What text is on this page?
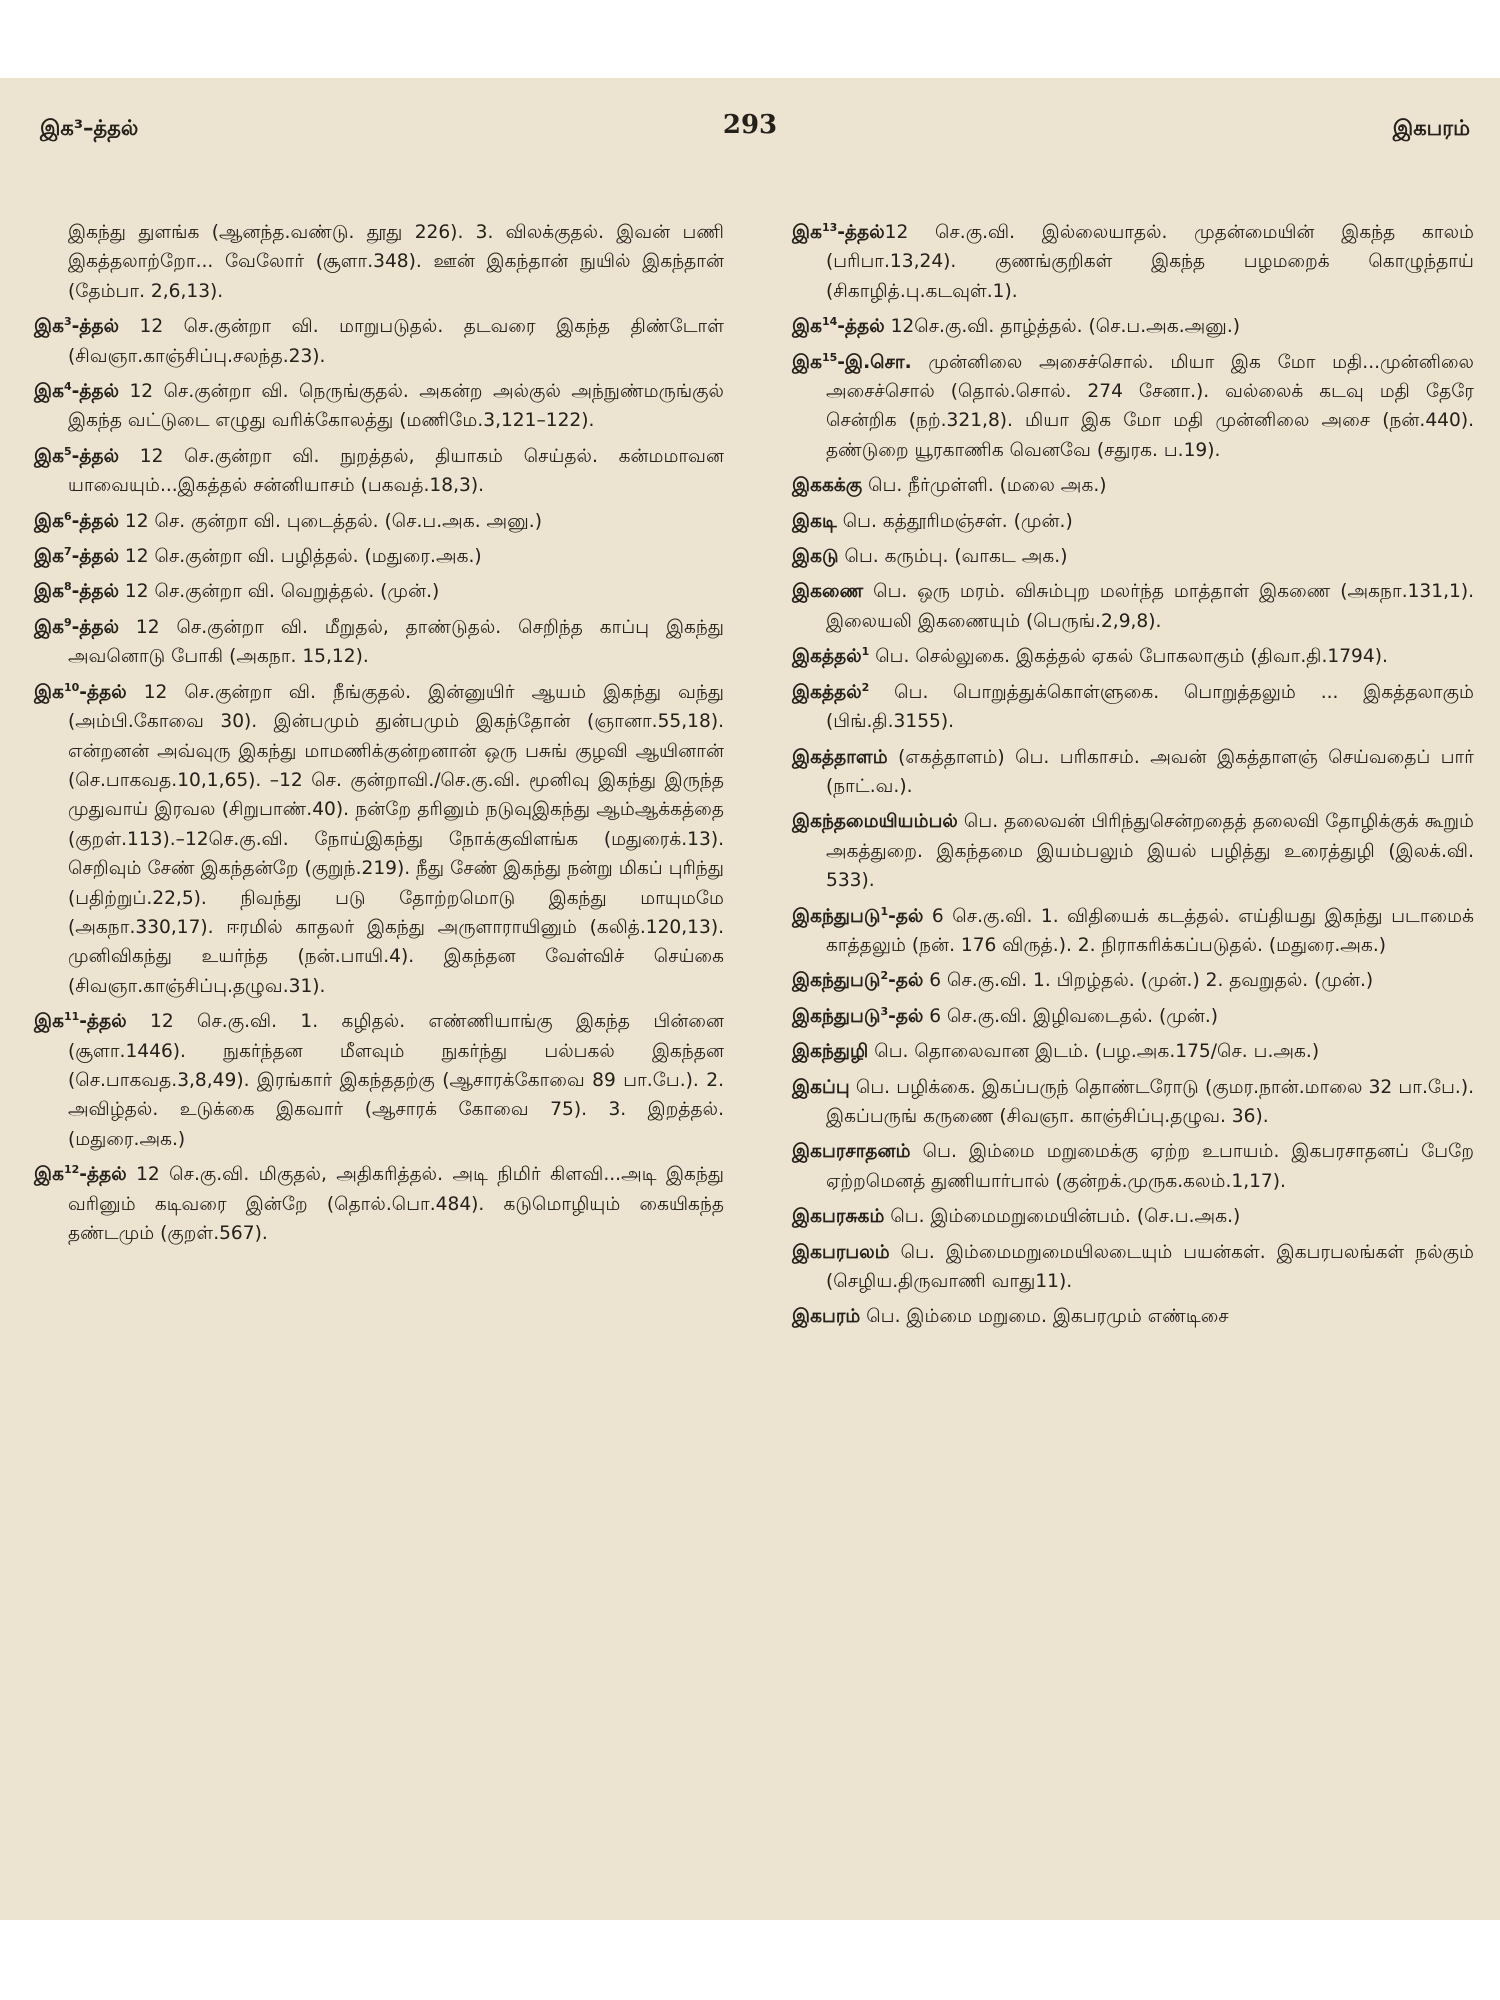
இக³–த்தல்	293	இகபரம்

இகந்து துளங்க (ஆனந்த.வண்டு. தூது 226). 3. விலக்குதல். இவன் பணி இகத்தலாற்றோ... வேலோர் (சூளா.348). ஊன் இகந்தான் நுயில் இகந்தான் (தேம்பா. 2,6,13).

இக$^3$-த்தல் 12 செ.குன்றா வி. மாறுபடுதல். தடவரை இகந்த திண்டோள் (சிவஞா.காஞ்சிப்பு.சலந்த.23).

இக$^4$-த்தல் 12 செ.குன்றா வி. நெருங்குதல். அகன்ற அல்குல் அந்நுண்மருங்குல் இகந்த வட்டுடை எழுது வரிக்கோலத்து (மணிமே.3,121–122).

இக$^5$-த்தல் 12 செ.குன்றா வி. நுறத்தல், தியாகம் செய்தல். கன்மமாவன யாவையும்...இகத்தல் சன்னியாசம் (பகவத்.18,3).

இக$^6$-த்தல் 12 செ. குன்றா வி. புடைத்தல். (செ.ப.அக. அனு.)

இக$^7$-த்தல் 12 செ.குன்றா வி. பழித்தல். (மதுரை.அக.)

இக$^8$-த்தல் 12 செ.குன்றா வி. வெறுத்தல். (முன்.)

இக$^9$-த்தல் 12 செ.குன்றா வி. மீறுதல், தாண்டுதல். செறிந்த காப்பு இகந்து அவனொடு போகி (அகநா. 15,12).

இக$^{10}$-த்தல் 12 செ.குன்றா வி. நீங்குதல். இன்னுயிர் ஆயம் இகந்து வந்து (அம்பி.கோவை 30). இன்பமும் துன்பமும் இகந்தோன் (ஞானா.55,18). என்றனன் அவ்வுரு இகந்து மாமணிக்குன்றனான் ஒரு பசுங் குழவி ஆயினான் (செ.பாகவத.10,1,65). –12 செ. குன்றாவி./செ.கு.வி. மூனிவு இகந்து இருந்த முதுவாய் இரவல (சிறுபாண்.40). நன்றே தரினும் நடுவுஇகந்து ஆம்ஆக்கத்தை (குறள்.113).–12செ.கு.வி. நோய்இகந்து நோக்குவிளங்க (மதுரைக்.13). செறிவும் சேண் இகந்தன்றே (குறுந்.219). நீது சேண் இகந்து நன்று மிகப் புரிந்து (பதிற்றுப்.22,5). நிவந்து படு தோற்றமொடு இகந்து மாயுமமே (அகநா.330,17). ஈரமில் காதலர் இகந்து அருளாராயினும் (கலித்.120,13). முனிவிகந்து உயர்ந்த (நன்.பாயி.4). இகந்தன வேள்விச் செய்கை (சிவஞா.காஞ்சிப்பு.தழுவ.31).

இக$^{11}$-த்தல் 12 செ.கு.வி. 1. கழிதல். எண்ணியாங்கு இகந்த பின்னை (சூளா.1446). நுகர்ந்தன மீளவும் நுகர்ந்து பல்பகல் இகந்தன (செ.பாகவத.3,8,49). இரங்கார் இகந்ததற்கு (ஆசாரக்கோவை 89 பா.பே.). 2. அவிழ்தல். உடுக்கை இகவார் (ஆசாரக் கோவை 75). 3. இறத்தல். (மதுரை.அக.)

இக$^{12}$-த்தல் 12 செ.கு.வி. மிகுதல், அதிகரித்தல். அடி நிமிர் கிளவி...அடி இகந்து வரினும் கடிவரை இன்றே (தொல்.பொ.484). கடுமொழியும் கையிகந்த தண்டமும் (குறள்.567).

இக$^{13}$-த்தல்12 செ.கு.வி. இல்லையாதல். முதன்மையின் இகந்த காலம் (பரிபா.13,24). குணங்குறிகள் இகந்த பழமறைக் கொழுந்தாய் (சிகாழித்.பு.கடவுள்.1).

இக$^{14}$-த்தல் 12செ.கு.வி. தாழ்த்தல். (செ.ப.அக.அனு.)

இக$^{15}$-இ.சொ. முன்னிலை அசைச்சொல். மியா இக மோ மதி...முன்னிலை அசைச்சொல் (தொல்.சொல். 274 சேனா.). வல்லைக் கடவு மதி தேரே சென்றிக (நற்.321,8). மியா இக மோ மதி முன்னிலை அசை (நன்.440). தண்டுறை யூரகாணிக வெனவே (சதுரக. ப.19).

இககக்கு பெ. நீர்முள்ளி. (மலை அக.)

இகடி பெ. கத்தூரிமஞ்சள். (முன்.)

இகடு பெ. கரும்பு. (வாகட அக.)

இகணை பெ. ஒரு மரம். விசும்புற மலர்ந்த மாத்தாள் இகணை (அகநா.131,1). இலையலி இகணையும் (பெருங்.2,9,8).

இகத்தல்$^1$ பெ. செல்லுகை. இகத்தல் ஏகல் போகலாகும் (திவா.தி.1794).

இகத்தல்$^2$ பெ. பொறுத்துக்கொள்ளுகை. பொறுத்தலும் ... இகத்தலாகும் (பிங்.தி.3155).

இகத்தாளம் (எகத்தாளம்) பெ. பரிகாசம். அவன் இகத்தாளஞ் செய்வதைப் பார் (நாட்.வ.).

இகந்தமையியம்பல் பெ. தலைவன் பிரிந்துசென்றதைத் தலைவி தோழிக்குக் கூறும் அகத்துறை. இகந்தமை இயம்பலும் இயல் பழித்து உரைத்துழி (இலக்.வி. 533).

இகந்துபடு$^1$-தல் 6 செ.கு.வி. 1. விதியைக் கடத்தல். எய்தியது இகந்து படாமைக் காத்தலும் (நன். 176 விருத்.). 2. நிராகரிக்கப்படுதல். (மதுரை.அக.)

இகந்துபடு$^2$-தல் 6 செ.கு.வி. 1. பிறழ்தல். (முன்.) 2. தவறுதல். (முன்.)

இகந்துபடு$^3$-தல் 6 செ.கு.வி. இழிவடைதல். (முன்.)

இகந்துழி பெ. தொலைவான இடம். (பழ.அக.175/செ. ப.அக.)

இகப்பு பெ. பழிக்கை. இகப்பருந் தொண்டரோடு (குமர.நான்.மாலை 32 பா.பே.). இகப்பருங் கருணை (சிவஞா. காஞ்சிப்பு.தழுவ. 36).

இகபரசாதனம் பெ. இம்மை மறுமைக்கு ஏற்ற உபாயம். இகபரசாதனப் பேறே ஏற்றமெனத் துணியார்பால் (குன்றக்.முருக.கலம்.1,17).

இகபரசுகம் பெ. இம்மைமறுமையின்பம். (செ.ப.அக.)

இகபரபலம் பெ. இம்மைமறுமையிலடையும் பயன்கள். இகபரபலங்கள் நல்கும் (செழிய.திருவாணி வாது11).

இகபரம் பெ. இம்மை மறுமை. இகபரமும் எண்டிசை
